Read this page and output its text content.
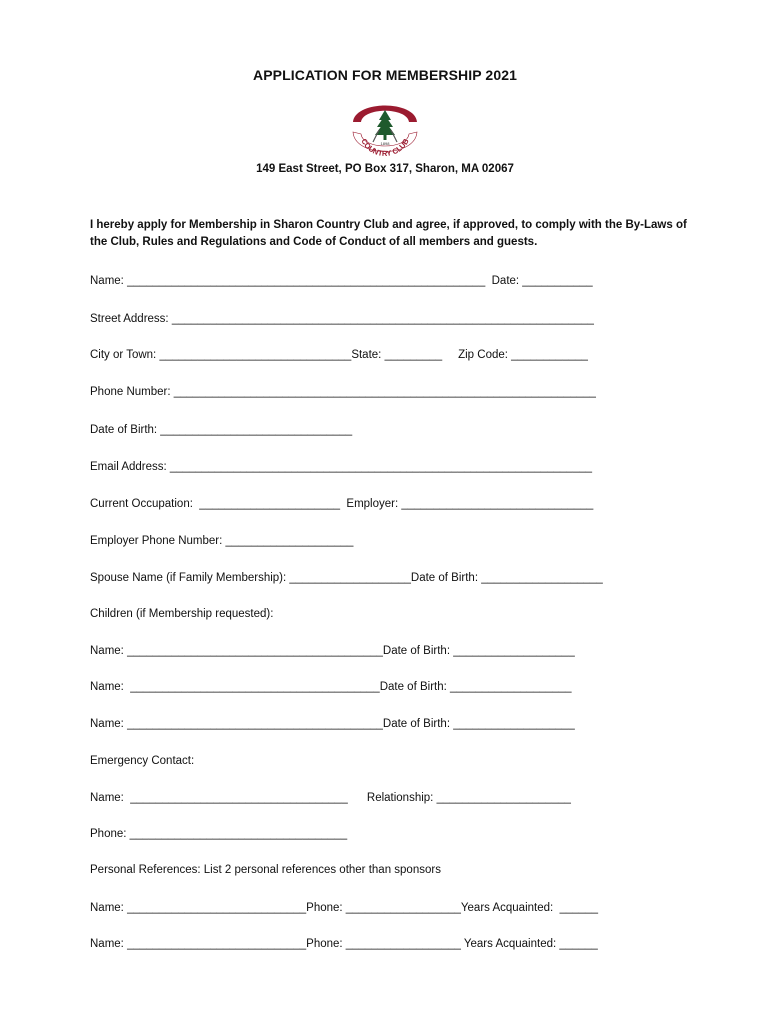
APPLICATION FOR MEMBERSHIP 2021
SHARON
1898
COUNTRY CLUB
149 East Street, PO Box 317, Sharon, MA 02067
I hereby apply for Membership in Sharon Country Club and agree, if approved, to comply with the By-Laws of the Club, Rules and Regulations and Code of Conduct of all members and guests.
Name: ________________________________________________________  Date: ___________
Street Address: __________________________________________________________________
City or Town: ______________________________State: _________     Zip Code: ____________
Phone Number: __________________________________________________________________
Date of Birth: ______________________________
Email Address: __________________________________________________________________
Current Occupation:  ______________________  Employer: ______________________________
Employer Phone Number: ____________________
Spouse Name (if Family Membership): ___________________Date of Birth: ___________________
Children (if Membership requested):
Name: ________________________________________Date of Birth: ___________________
Name:  _______________________________________Date of Birth: ___________________
Name: ________________________________________Date of Birth: ___________________
Emergency Contact:
Name:  __________________________________      Relationship: _____________________
Phone: __________________________________
Personal References: List 2 personal references other than sponsors
Name: ____________________________Phone: __________________Years Acquainted:  ______
Name: ____________________________Phone: __________________ Years Acquainted: ______
